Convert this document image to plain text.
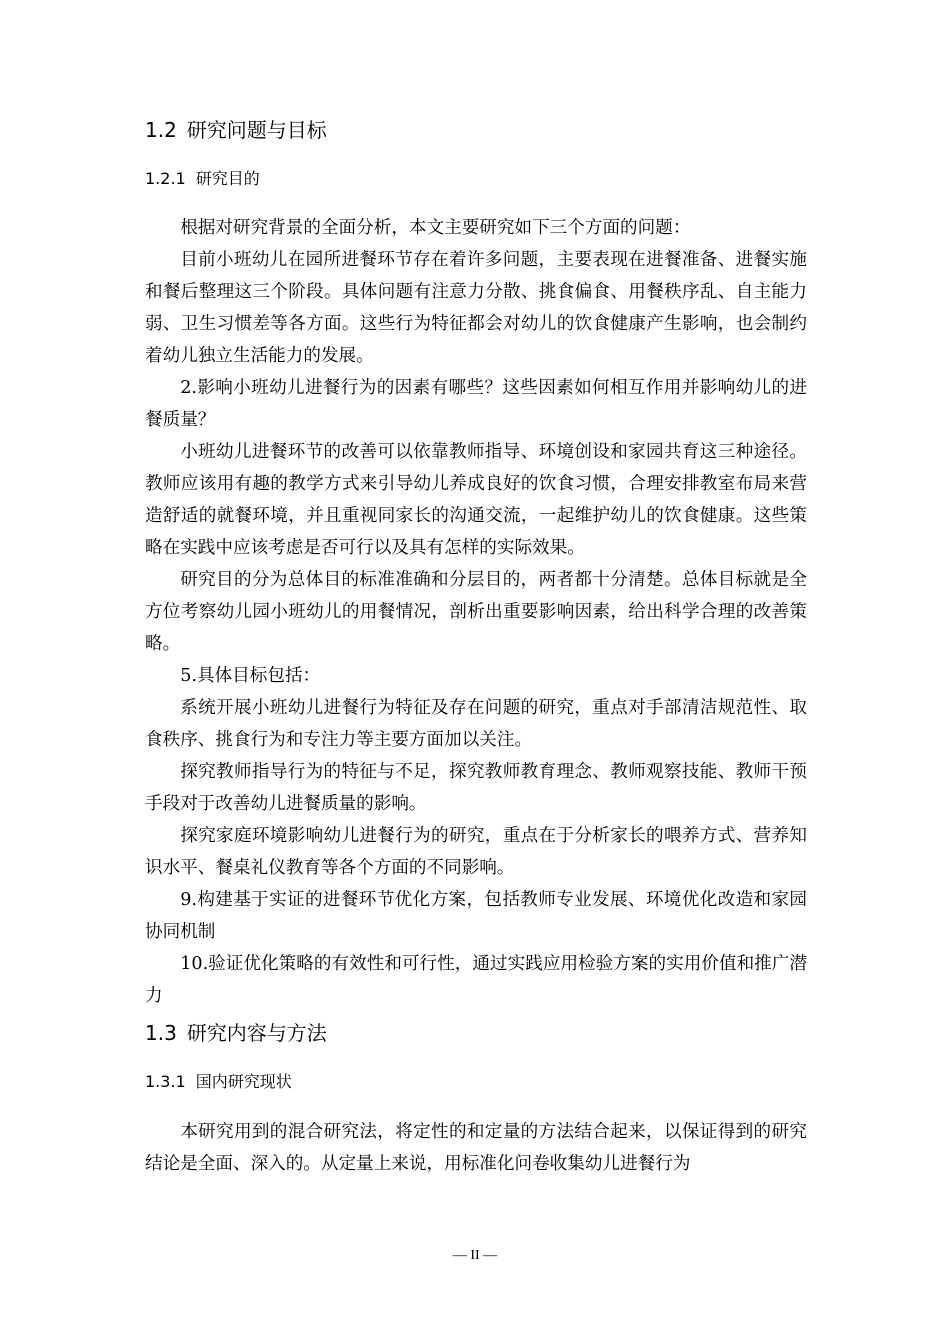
1.2 研究问题与目标
1.2.1 研究目的

根据对研究背景的全面分析，本文主要研究如下三个方面的问题：

目前小班幼儿在园所进餐环节存在着许多问题，主要表现在进餐准备、进餐实施和餐后整理这三个阶段。具体问题有注意力分散、挑食偏食、用餐秩序乱、自主能力弱、卫生习惯差等各方面。这些行为特征都会对幼儿的饮食健康产生影响，也会制约着幼儿独立生活能力的发展。

2.影响小班幼儿进餐行为的因素有哪些？这些因素如何相互作用并影响幼儿的进餐质量？

小班幼儿进餐环节的改善可以依靠教师指导、环境创设和家园共育这三种途径。教师应该用有趣的教学方式来引导幼儿养成良好的饮食习惯，合理安排教室布局来营造舒适的就餐环境，并且重视同家长的沟通交流，一起维护幼儿的饮食健康。这些策略在实践中应该考虑是否可行以及具有怎样的实际效果。

研究目的分为总体目的标准准确和分层目的，两者都十分清楚。总体目标就是全方位考察幼儿园小班幼儿的用餐情况，剖析出重要影响因素，给出科学合理的改善策略。

5.具体目标包括：

系统开展小班幼儿进餐行为特征及存在问题的研究，重点对手部清洁规范性、取食秩序、挑食行为和专注力等主要方面加以关注。

探究教师指导行为的特征与不足，探究教师教育理念、教师观察技能、教师干预手段对于改善幼儿进餐质量的影响。

探究家庭环境影响幼儿进餐行为的研究，重点在于分析家长的喂养方式、营养知识水平、餐桌礼仪教育等各个方面的不同影响。

9.构建基于实证的进餐环节优化方案，包括教师专业发展、环境优化改造和家园协同机制

10.验证优化策略的有效性和可行性，通过实践应用检验方案的实用价值和推广潜力

1.3 研究内容与方法
1.3.1 国内研究现状

本研究用到的混合研究法，将定性的和定量的方法结合起来，以保证得到的研究结论是全面、深入的。从定量上来说，用标准化问卷收集幼儿进餐行为

— II —
